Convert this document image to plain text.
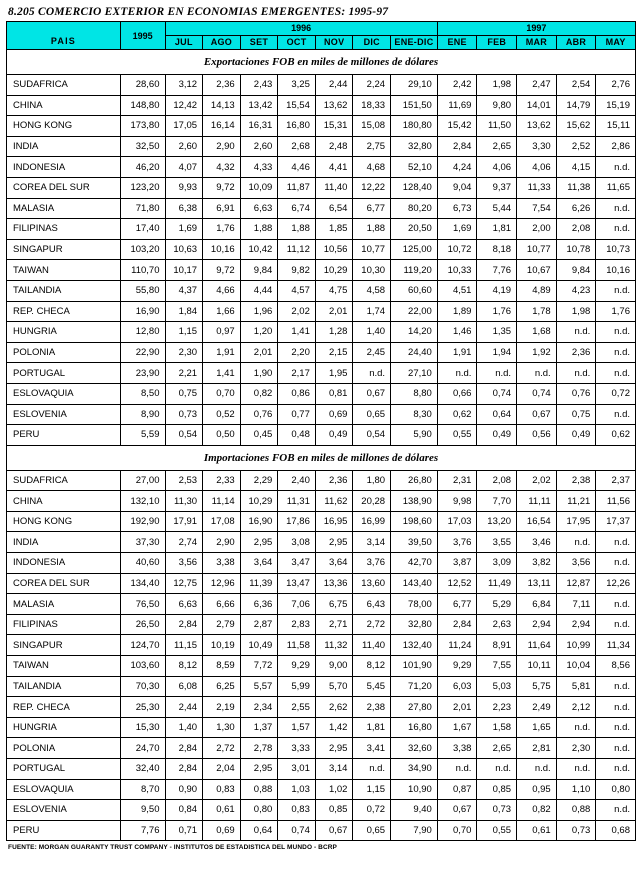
8.205 COMERCIO EXTERIOR EN ECONOMIAS EMERGENTES: 1995-97
PAIS	1995	1996							1997				
		JUL	AGO	SET	OCT	NOV	DIC	ENE-DIC	ENE	FEB	MAR	ABR	MAY
Exportaciones FOB en miles de millones de dólares													
SUDAFRICA	28,60	3,12	2,36	2,43	3,25	2,44	2,24	29,10	2,42	1,98	2,47	2,54	2,76
CHINA	148,80	12,42	14,13	13,42	15,54	13,62	18,33	151,50	11,69	9,80	14,01	14,79	15,19
HONG KONG	173,80	17,05	16,14	16,31	16,80	15,31	15,08	180,80	15,42	11,50	13,62	15,62	15,11
INDIA	32,50	2,60	2,90	2,60	2,68	2,48	2,75	32,80	2,84	2,65	3,30	2,52	2,86
INDONESIA	46,20	4,07	4,32	4,33	4,46	4,41	4,68	52,10	4,24	4,06	4,06	4,15	n.d.
COREA DEL SUR	123,20	9,93	9,72	10,09	11,87	11,40	12,22	128,40	9,04	9,37	11,33	11,38	11,65
MALASIA	71,80	6,38	6,91	6,63	6,74	6,54	6,77	80,20	6,73	5,44	7,54	6,26	n.d.
FILIPINAS	17,40	1,69	1,76	1,88	1,88	1,85	1,88	20,50	1,69	1,81	2,00	2,08	n.d.
SINGAPUR	103,20	10,63	10,16	10,42	11,12	10,56	10,77	125,00	10,72	8,18	10,77	10,78	10,73
TAIWAN	110,70	10,17	9,72	9,84	9,82	10,29	10,30	119,20	10,33	7,76	10,67	9,84	10,16
TAILANDIA	55,80	4,37	4,66	4,44	4,57	4,75	4,58	60,60	4,51	4,19	4,89	4,23	n.d.
REP. CHECA	16,90	1,84	1,66	1,96	2,02	2,01	1,74	22,00	1,89	1,76	1,78	1,98	1,76
HUNGRIA	12,80	1,15	0,97	1,20	1,41	1,28	1,40	14,20	1,46	1,35	1,68	n.d.	n.d.
POLONIA	22,90	2,30	1,91	2,01	2,20	2,15	2,45	24,40	1,91	1,94	1,92	2,36	n.d.
PORTUGAL	23,90	2,21	1,41	1,90	2,17	1,95	n.d.	27,10	n.d.	n.d.	n.d.	n.d.	n.d.
ESLOVAQUIA	8,50	0,75	0,70	0,82	0,86	0,81	0,67	8,80	0,66	0,74	0,74	0,76	0,72
ESLOVENIA	8,90	0,73	0,52	0,76	0,77	0,69	0,65	8,30	0,62	0,64	0,67	0,75	n.d.
PERU	5,59	0,54	0,50	0,45	0,48	0,49	0,54	5,90	0,55	0,49	0,56	0,49	0,62
Importaciones FOB en miles de millones de dólares													
SUDAFRICA	27,00	2,53	2,33	2,29	2,40	2,36	1,80	26,80	2,31	2,08	2,02	2,38	2,37
CHINA	132,10	11,30	11,14	10,29	11,31	11,62	20,28	138,90	9,98	7,70	11,11	11,21	11,56
HONG KONG	192,90	17,91	17,08	16,90	17,86	16,95	16,99	198,60	17,03	13,20	16,54	17,95	17,37
INDIA	37,30	2,74	2,90	2,95	3,08	2,95	3,14	39,50	3,76	3,55	3,46	n.d.	n.d.
INDONESIA	40,60	3,56	3,38	3,64	3,47	3,64	3,76	42,70	3,87	3,09	3,82	3,56	n.d.
COREA DEL SUR	134,40	12,75	12,96	11,39	13,47	13,36	13,60	143,40	12,52	11,49	13,11	12,87	12,26
MALASIA	76,50	6,63	6,66	6,36	7,06	6,75	6,43	78,00	6,77	5,29	6,84	7,11	n.d.
FILIPINAS	26,50	2,84	2,79	2,87	2,83	2,71	2,72	32,80	2,84	2,63	2,94	2,94	n.d.
SINGAPUR	124,70	11,15	10,19	10,49	11,58	11,32	11,40	132,40	11,24	8,91	11,64	10,99	11,34
TAIWAN	103,60	8,12	8,59	7,72	9,29	9,00	8,12	101,90	9,29	7,55	10,11	10,04	8,56
TAILANDIA	70,30	6,08	6,25	5,57	5,99	5,70	5,45	71,20	6,03	5,03	5,75	5,81	n.d.
REP. CHECA	25,30	2,44	2,19	2,34	2,55	2,62	2,38	27,80	2,01	2,23	2,49	2,12	n.d.
HUNGRIA	15,30	1,40	1,30	1,37	1,57	1,42	1,81	16,80	1,67	1,58	1,65	n.d.	n.d.
POLONIA	24,70	2,84	2,72	2,78	3,33	2,95	3,41	32,60	3,38	2,65	2,81	2,30	n.d.
PORTUGAL	32,40	2,84	2,04	2,95	3,01	3,14	n.d.	34,90	n.d.	n.d.	n.d.	n.d.	n.d.
ESLOVAQUIA	8,70	0,90	0,83	0,88	1,03	1,02	1,15	10,90	0,87	0,85	0,95	1,10	0,80
ESLOVENIA	9,50	0,84	0,61	0,80	0,83	0,85	0,72	9,40	0,67	0,73	0,82	0,88	n.d.
PERU	7,76	0,71	0,69	0,64	0,74	0,67	0,65	7,90	0,70	0,55	0,61	0,73	0,68
FUENTE: MORGAN GUARANTY TRUST COMPANY - INSTITUTOS DE ESTADISTICA DEL MUNDO - BCRP
